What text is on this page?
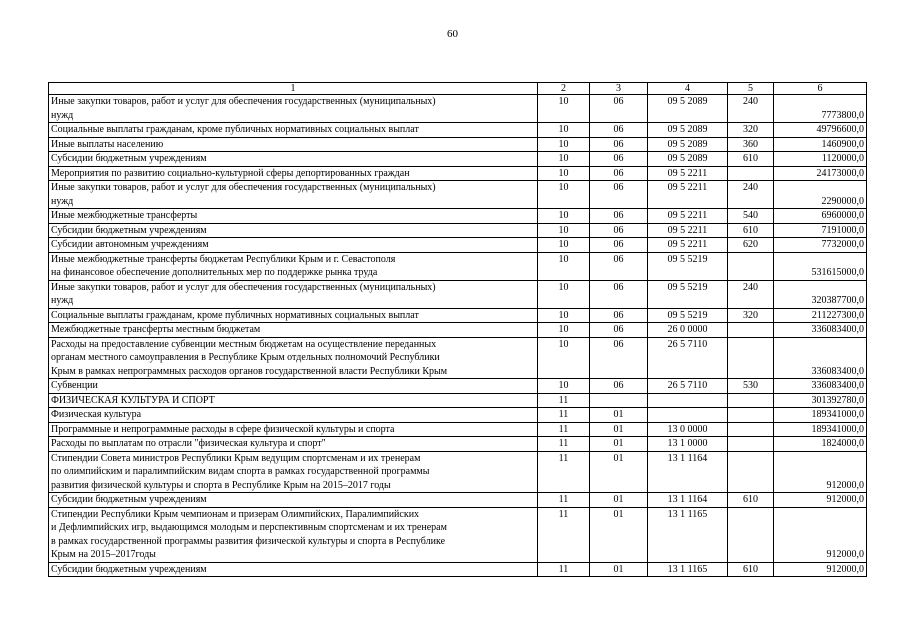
60
1	2	3	4	5	6

Иные закупки товаров, работ и услуг для обеспечения государственных (муниципальных)
нужд	10	06	09 5 2089	240	7773800,0

Социальные выплаты гражданам, кроме публичных нормативных социальных выплат	10	06	09 5 2089	320	49796600,0

Иные выплаты населению	10	06	09 5 2089	360	1460900,0

Субсидии бюджетным учреждениям	10	06	09 5 2089	610	1120000,0

Мероприятия по развитию социально-культурной сферы депортированных граждан	10	06	09 5 2211		24173000,0

Иные закупки товаров, работ и услуг для обеспечения государственных (муниципальных)
нужд	10	06	09 5 2211	240	2290000,0

Иные межбюджетные трансферты	10	06	09 5 2211	540	6960000,0

Субсидии бюджетным учреждениям	10	06	09 5 2211	610	7191000,0

Субсидии автономным учреждениям	10	06	09 5 2211	620	7732000,0

Иные межбюджетные трансферты бюджетам Республики Крым и г. Севастополя
на финансовое обеспечение дополнительных мер по поддержке рынка труда	10	06	09 5 5219		531615000,0

Иные закупки товаров, работ и услуг для обеспечения государственных (муниципальных)
нужд	10	06	09 5 5219	240	320387700,0

Социальные выплаты гражданам, кроме публичных нормативных социальных выплат	10	06	09 5 5219	320	211227300,0

Межбюджетные трансферты местным бюджетам	10	06	26 0 0000		336083400,0

Расходы на предоставление субвенции местным бюджетам на осуществление переданных
органам местного самоуправления в Республике Крым отдельных полномочий Республики
Крым в рамках непрограммных расходов органов государственной власти Республики Крым	10	06	26 5 7110		336083400,0

Субвенции	10	06	26 5 7110	530	336083400,0

ФИЗИЧЕСКАЯ КУЛЬТУРА И СПОРТ	11				301392780,0

Физическая культура	11	01			189341000,0

Программные и непрограммные расходы в сфере физической культуры и спорта	11	01	13 0 0000		189341000,0

Расходы по выплатам по отрасли "физическая культура и спорт"	11	01	13 1 0000		1824000,0

Стипендии Совета министров Республики Крым ведущим спортсменам и их тренерам
по олимпийским и паралимпийским видам спорта в рамках государственной программы
развития физической культуры и спорта в Республике Крым на 2015–2017 годы	11	01	13 1 1164		912000,0

Субсидии бюджетным учреждениям	11	01	13 1 1164	610	912000,0

Стипендии Республики Крым чемпионам и призерам Олимпийских, Паралимпийских
и Дефлимпийских игр, выдающимся молодым и перспективным спортсменам и их тренерам
в рамках государственной программы развития физической культуры и спорта в Республике
Крым на 2015–2017годы	11	01	13 1 1165		912000,0

Субсидии бюджетным учреждениям	11	01	13 1 1165	610	912000,0
